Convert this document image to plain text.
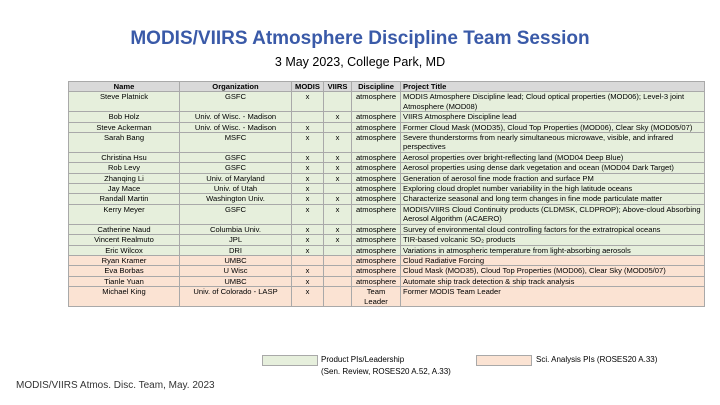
MODIS/VIIRS Atmosphere Discipline Team Session
3 May 2023, College Park, MD
Name	Organization	MODIS	VIIRS	Discipline	Project Title
Steve Platnick	GSFC	x		atmosphere	MODIS Atmosphere Discipline lead; Cloud optical properties (MOD06); Level-3 joint Atmosphere (MOD08)
Bob Holz	Univ. of Wisc. - Madison		x	atmosphere	VIIRS Atmosphere Discipline lead
Steve Ackerman	Univ. of Wisc. - Madison	x		atmosphere	Former Cloud Mask (MOD35), Cloud Top Properties (MOD06), Clear Sky (MOD05/07)
Sarah Bang	MSFC	x	x	atmosphere	Severe thunderstorms from nearly simultaneous microwave, visible, and infrared perspectives
Christina Hsu	GSFC	x	x	atmosphere	Aerosol properties over bright-reflecting land (MOD04 Deep Blue)
Rob Levy	GSFC	x	x	atmosphere	Aerosol properties using dense dark vegetation and ocean (MOD04 Dark Target)
Zhanqing Li	Univ. of Maryland	x	x	atmosphere	Generation of aerosol fine mode fraction and surface PM
Jay Mace	Univ. of Utah	x		atmosphere	Exploring cloud droplet number variability in the high latitude oceans
Randall Martin	Washington Univ.	x	x	atmosphere	Characterize seasonal and long term changes in fine mode particulate matter
Kerry Meyer	GSFC	x	x	atmosphere	MODIS/VIIRS Cloud Continuity products (CLDMSK, CLDPROP); Above-cloud Absorbing Aerosol Algorithm (ACAERO)
Catherine Naud	Columbia Univ.	x	x	atmosphere	Survey of environmental cloud controlling factors for the extratropical oceans
Vincent Realmuto	JPL	x	x	atmosphere	TIR-based volcanic SO₂ products
Eric Wilcox	DRI	x		atmosphere	Variations in atmospheric temperature from light-absorbing aerosols
Ryan Kramer	UMBC			atmosphere	Cloud Radiative Forcing
Eva Borbas	U Wisc	x		atmosphere	Cloud Mask (MOD35), Cloud Top Properties (MOD06), Clear Sky (MOD05/07)
Tianle Yuan	UMBC	x		atmosphere	Automate ship track detection & ship track analysis
Michael King	Univ. of Colorado - LASP	x		Team Leader	Former MODIS Team Leader
Product PIs/Leadership
(Sen. Review, ROSES20 A.52, A.33)
Sci. Analysis PIs (ROSES20 A.33)
MODIS/VIIRS Atmos. Disc. Team, May. 2023
